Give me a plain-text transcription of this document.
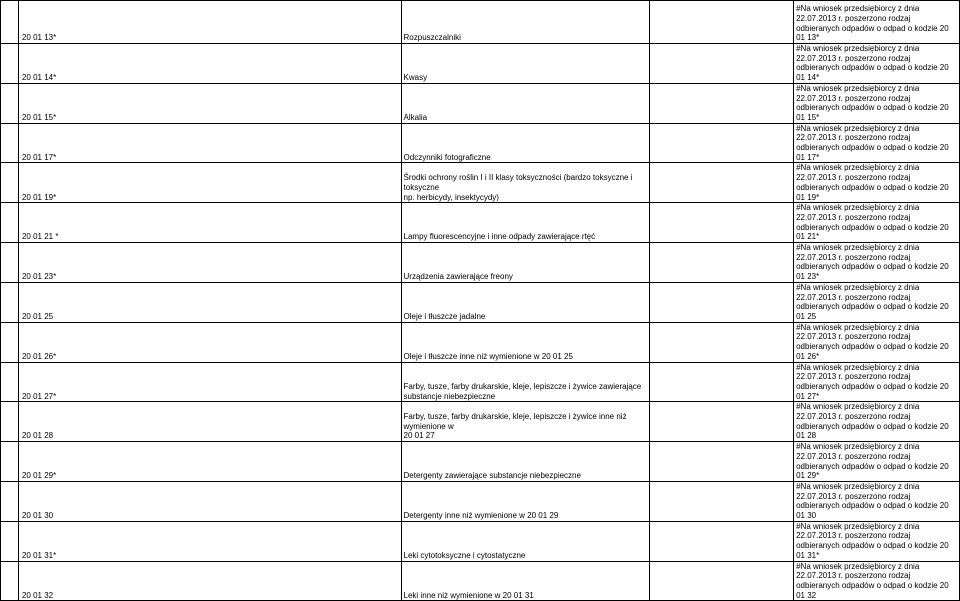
	20 01 13*	Rozpuszczalniki		#Na wniosek przedsiębiorcy z dnia
22.07.2013 r. poszerzono rodzaj
odbieranych odpadów o odpad o kodzie 20
01 13*

	20 01 14*	Kwasy		#Na wniosek przedsiębiorcy z dnia
22.07.2013 r. poszerzono rodzaj
odbieranych odpadów o odpad o kodzie 20
01 14*

	20 01 15*	Alkalia		#Na wniosek przedsiębiorcy z dnia
22.07.2013 r. poszerzono rodzaj
odbieranych odpadów o odpad o kodzie 20
01 15*

	20 01 17*	Odczynniki fotograficzne		#Na wniosek przedsiębiorcy z dnia
22.07.2013 r. poszerzono rodzaj
odbieranych odpadów o odpad o kodzie 20
01 17*

	20 01 19*	Środki ochrony roślin I i II klasy toksyczności (bardzo toksyczne i toksyczne
np. herbicydy, insektycydy)		#Na wniosek przedsiębiorcy z dnia
22.07.2013 r. poszerzono rodzaj
odbieranych odpadów o odpad o kodzie 20
01 19*

	20 01 21 *	Lampy fluorescencyjne i inne odpady zawierające rtęć		#Na wniosek przedsiębiorcy z dnia
22.07.2013 r. poszerzono rodzaj
odbieranych odpadów o odpad o kodzie 20
01 21*

	20 01 23*	Urządzenia zawierające freony		#Na wniosek przedsiębiorcy z dnia
22.07.2013 r. poszerzono rodzaj
odbieranych odpadów o odpad o kodzie 20
01 23*

	20 01 25	Oleje i tłuszcze jadalne		#Na wniosek przedsiębiorcy z dnia
22.07.2013 r. poszerzono rodzaj
odbieranych odpadów o odpad o kodzie 20
01 25

	20 01 26*	Oleje i tłuszcze inne niż wymienione w 20 01 25		#Na wniosek przedsiębiorcy z dnia
22.07.2013 r. poszerzono rodzaj
odbieranych odpadów o odpad o kodzie 20
01 26*

	20 01 27*	Farby, tusze, farby drukarskie, kleje, lepiszcze i żywice zawierające
substancje niebezpieczne		#Na wniosek przedsiębiorcy z dnia
22.07.2013 r. poszerzono rodzaj
odbieranych odpadów o odpad o kodzie 20
01 27*

	20 01 28	Farby, tusze, farby drukarskie, kleje, lepiszcze i żywice inne niż wymienione w
20 01 27		#Na wniosek przedsiębiorcy z dnia
22.07.2013 r. poszerzono rodzaj
odbieranych odpadów o odpad o kodzie 20
01 28

	20 01 29*	Detergenty zawierające substancje niebezpieczne		#Na wniosek przedsiębiorcy z dnia
22.07.2013 r. poszerzono rodzaj
odbieranych odpadów o odpad o kodzie 20
01 29*

	20 01 30	Detergenty inne niż wymienione w 20 01 29		#Na wniosek przedsiębiorcy z dnia
22.07.2013 r. poszerzono rodzaj
odbieranych odpadów o odpad o kodzie 20
01 30

	20 01 31*	Leki cytotoksyczne i cytostatyczne		#Na wniosek przedsiębiorcy z dnia
22.07.2013 r. poszerzono rodzaj
odbieranych odpadów o odpad o kodzie 20
01 31*

	20 01 32	Leki inne niż wymienione w 20 01 31		#Na wniosek przedsiębiorcy z dnia
22.07.2013 r. poszerzono rodzaj
odbieranych odpadów o odpad o kodzie 20
01 32
